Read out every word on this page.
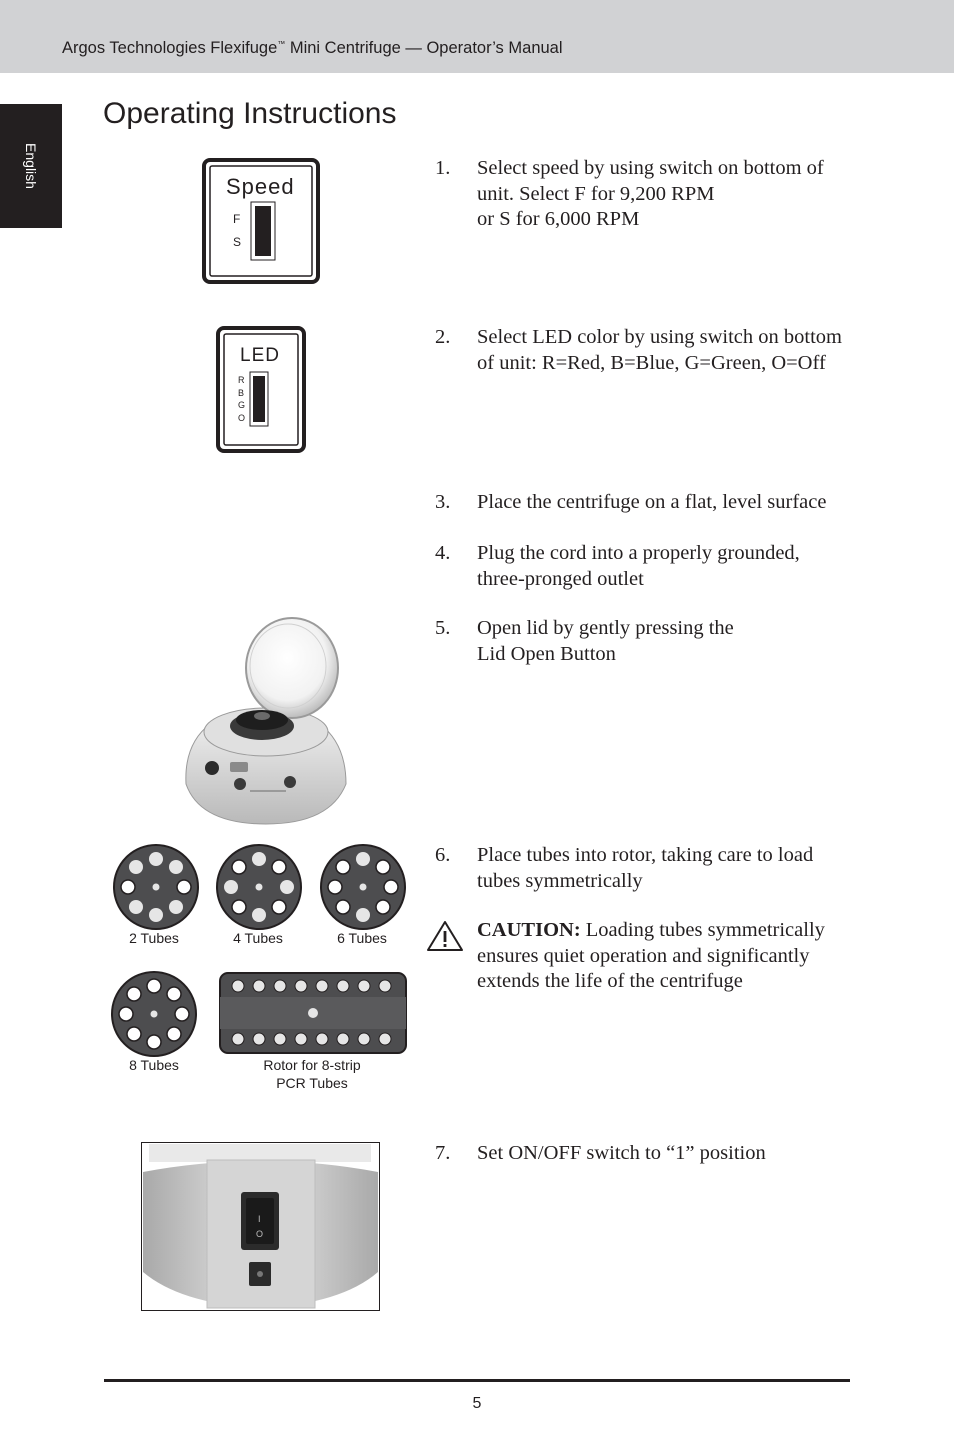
Argos Technologies Flexifuge™ Mini Centrifuge — Operator’s Manual
English
Operating Instructions
Speed
F
S
LED
R
B
G
O
2 Tubes	4 Tubes	6 Tubes
8 Tubes	Rotor for 8-strip
PCR Tubes
I
O
1. Select speed by using switch on bottom of
unit. Select F for 9,200 RPM
or S for 6,000 RPM
2. Select LED color by using switch on bottom
of unit: R=Red, B=Blue, G=Green, O=Off
3. Place the centrifuge on a flat, level surface
4. Plug the cord into a properly grounded,
three-pronged outlet
5. Open lid by gently pressing the
Lid Open Button
6. Place tubes into rotor, taking care to load
tubes symmetrically
CAUTION: Loading tubes symmetrically
ensures quiet operation and significantly
extends the life of the centrifuge
7. Set ON/OFF switch to “1” position
5
